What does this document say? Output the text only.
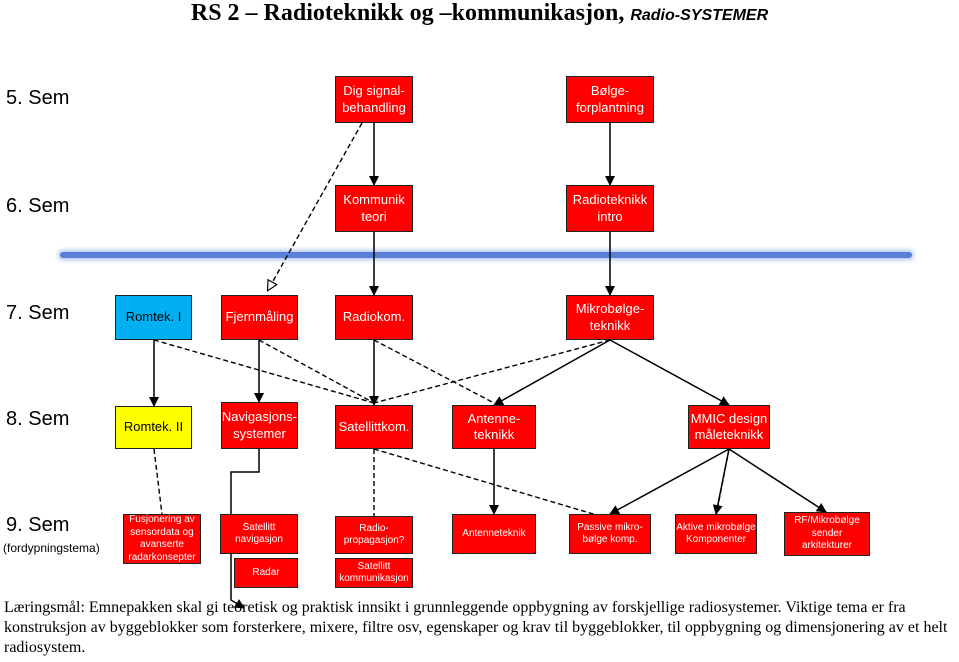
RS 2 – Radioteknikk og –kommunikasjon, Radio-SYSTEMER
5. Sem
6. Sem
7. Sem
8. Sem
9. Sem
(fordypningstema)
Dig signal-
behandling
Bølge-
forplantning
Kommunik
teori
Radioteknikk
intro
Romtek. I	Fjernmåling	Radiokom.
Mikrobølge-
teknikk
Romtek. II
Navigasjons-
systemer	Satellittkom.
Antenne-
teknikk
MMIC design
måleteknikk
Fusjonering av
sensordata og
avanserte
radarkonsepter
Satellitt
navigasjon
Radar
Radio-
propagasjon?
Satellitt
kommunikasjon
Antenneteknik
Passive mikro-
bølge komp.
Aktive mikrobølge
Komponenter
RF/Mikrobølge
sender
arkitekturer
Læringsmål: Emnepakken skal gi teoretisk og praktisk innsikt i grunnleggende oppbygning av forskjellige radiosystemer. Viktige tema er fra konstruksjon av byggeblokker som forsterkere, mixere, filtre osv, egenskaper og krav til byggeblokker, til oppbygning og dimensjonering av et helt radiosystem.
